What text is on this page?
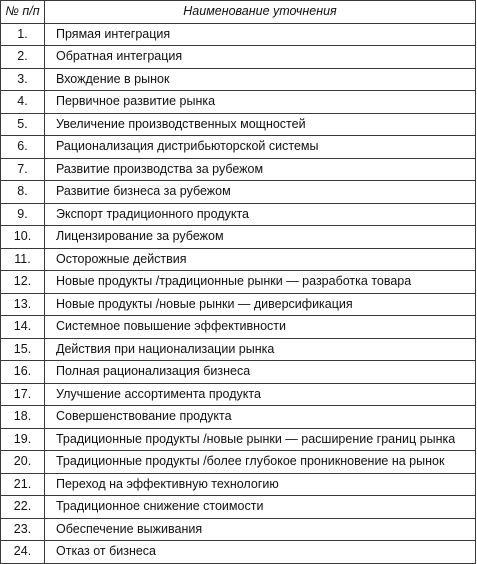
№ п/п	Наименование уточнения
1.	Прямая интеграция
2.	Обратная интеграция
3.	Вхождение в рынок
4.	Первичное развитие рынка
5.	Увеличение производственных мощностей
6.	Рационализация дистрибьюторской системы
7.	Развитие производства за рубежом
8.	Развитие бизнеса за рубежом
9.	Экспорт традиционного продукта
10.	Лицензирование за рубежом
11.	Осторожные действия
12.	Новые продукты /традиционные рынки — разработка товара
13.	Новые продукты /новые рынки — диверсификация
14.	Системное повышение эффективности
15.	Действия при национализации рынка
16.	Полная рационализация бизнеса
17.	Улучшение ассортимента продукта
18.	Совершенствование продукта
19.	Традиционные продукты /новые рынки — расширение границ рынка
20.	Традиционные продукты /более глубокое проникновение на рынок
21.	Переход на эффективную технологию
22.	Традиционное снижение стоимости
23.	Обеспечение выживания
24.	Отказ от бизнеса
